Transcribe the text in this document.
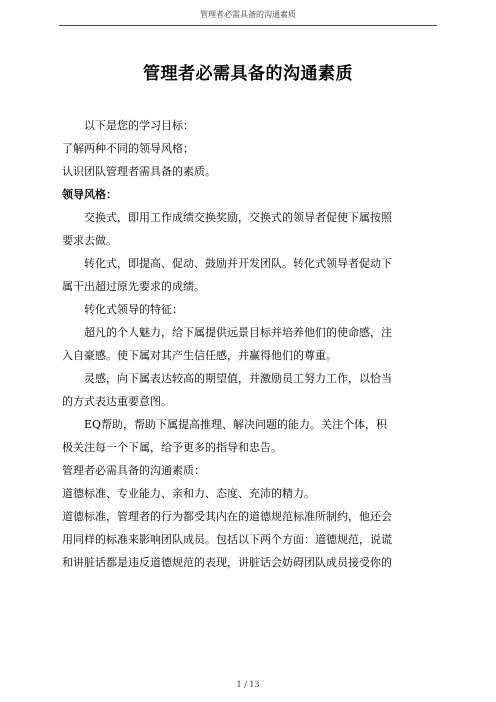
管理者必需具备的沟通素质
管理者必需具备的沟通素质
以下是您的学习目标：
了解两种不同的领导风格；
认识团队管理者需具备的素质。
领导风格：
交换式，即用工作成绩交换奖励，交换式的领导者促使下属按照
要求去做。
转化式，即提高、促动、鼓励并开发团队。转化式领导者促动下
属干出超过原先要求的成绩。
转化式领导的特征：
超凡的个人魅力，给下属提供远景目标并培养他们的使命感，注
入自豪感。使下属对其产生信任感，并赢得他们的尊重。
灵感，向下属表达较高的期望值，并激励员工努力工作，以恰当
的方式表达重要意图。
EQ帮助，帮助下属提高推理、解决问题的能力。关注个体，积
极关注每一个下属，给予更多的指导和忠告。
管理者必需具备的沟通素质：
道德标准、专业能力、亲和力、态度、充沛的精力。
道德标准，管理者的行为都受其内在的道德规范标准所制约，他还会
用同样的标准来影响团队成员。包括以下两个方面：道德规范，说谎
和讲脏话都是违反道德规范的表现，讲脏话会妨碍团队成员接受你的
1 / 13
